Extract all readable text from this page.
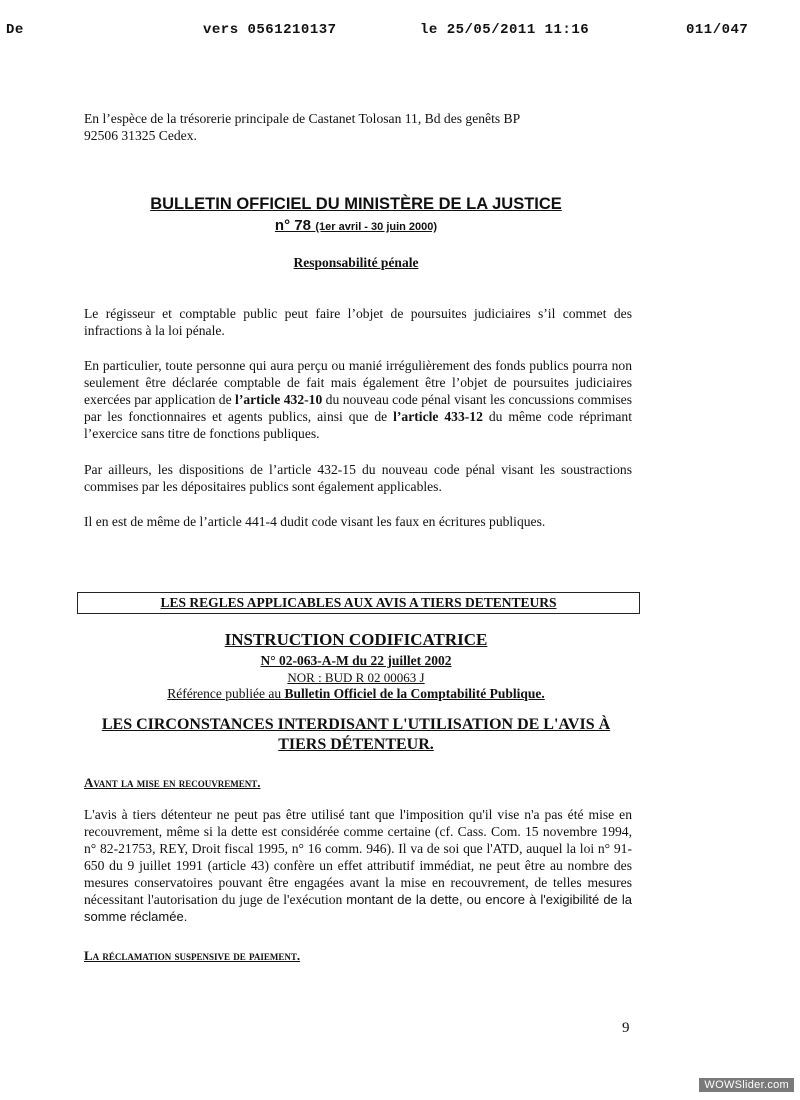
De	vers 0561210137	le 25/05/2011 11:16	011/047
En l’espèce de la trésorerie principale de Castanet Tolosan 11, Bd des genêts BP 92506 31325 Cedex.
BULLETIN OFFICIEL DU MINISTÈRE DE LA JUSTICE
n° 78 (1er avril - 30 juin 2000)
Responsabilité pénale
Le régisseur et comptable public peut faire l’objet de poursuites judiciaires s’il commet des infractions à la loi pénale.
En particulier, toute personne qui aura perçu ou manié irrégulièrement des fonds publics pourra non seulement être déclarée comptable de fait mais également être l’objet de poursuites judiciaires exercées par application de l’article 432-10 du nouveau code pénal visant les concussions commises par les fonctionnaires et agents publics, ainsi que de l’article 433-12 du même code réprimant l’exercice sans titre de fonctions publiques.
Par ailleurs, les dispositions de l’article 432-15 du nouveau code pénal visant les soustractions commises par les dépositaires publics sont également applicables.
Il en est de même de l’article 441-4 dudit code visant les faux en écritures publiques.
LES REGLES APPLICABLES AUX AVIS A TIERS DETENTEURS
INSTRUCTION CODIFICATRICE
N° 02-063-A-M du 22 juillet 2002
NOR : BUD R 02 00063 J
Référence publiée au Bulletin Officiel de la Comptabilité Publique.
LES CIRCONSTANCES INTERDISANT L'UTILISATION DE L'AVIS À
TIERS DÉTENTEUR.
Avant la mise en recouvrement.
L'avis à tiers détenteur ne peut pas être utilisé tant que l'imposition qu'il vise n'a pas été mise en recouvrement, même si la dette est considérée comme certaine (cf. Cass. Com. 15 novembre 1994, n° 82-21753, REY, Droit fiscal 1995, n° 16 comm. 946). Il va de soi que l'ATD, auquel la loi n° 91-650 du 9 juillet 1991 (article 43) confère un effet attributif immédiat, ne peut être au nombre des mesures conservatoires pouvant être engagées avant la mise en recouvrement, de telles mesures nécessitant l'autorisation du juge de l'exécution montant de la dette, ou encore à l'exigibilité de la somme réclamée.
La réclamation suspensive de paiement.
9
WOWSlider.com
